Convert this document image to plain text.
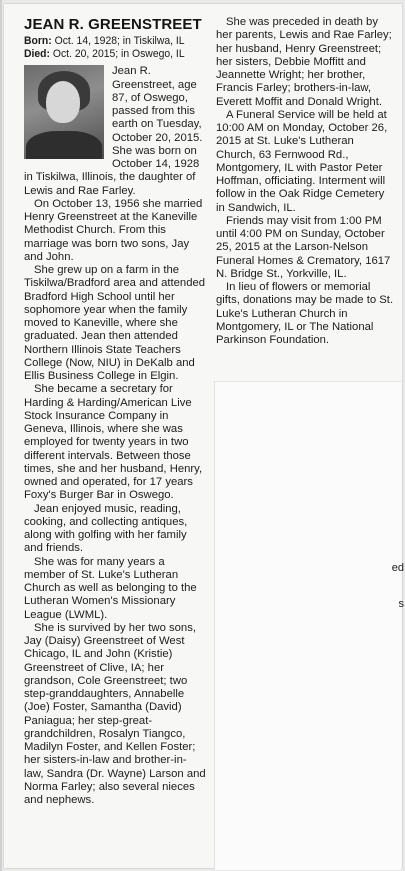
JEAN R. GREENSTREET
Born: Oct. 14, 1928; in Tiskilwa, IL
Died: Oct. 20, 2015; in Oswego, IL

Jean R. Greenstreet, age 87, of Oswego, passed from this earth on Tuesday, October 20, 2015. She was born on October 14, 1928 in Tiskilwa, Illinois, the daughter of Lewis and Rae Farley.

On October 13, 1956 she married Henry Greenstreet at the Kaneville Methodist Church. From this marriage was born two sons, Jay and John.

She grew up on a farm in the Tiskilwa/Bradford area and attended Bradford High School until her sophomore year when the family moved to Kaneville, where she graduated. Jean then attended Northern Illinois State Teachers College (Now, NIU) in DeKalb and Ellis Business College in Elgin.

She became a secretary for Harding & Harding/American Live Stock Insurance Company in Geneva, Illinois, where she was employed for twenty years in two different intervals. Between those times, she and her husband, Henry, owned and operated, for 17 years Foxy's Burger Bar in Oswego.

Jean enjoyed music, reading, cooking, and collecting antiques, along with golfing with her family and friends.

She was for many years a member of St. Luke's Lutheran Church as well as belonging to the Lutheran Women's Missionary League (LWML).

She is survived by her two sons, Jay (Daisy) Greenstreet of West Chicago, IL and John (Kristie) Greenstreet of Clive, IA; her grandson, Cole Greenstreet; two step-granddaughters, Annabelle (Joe) Foster, Samantha (David) Paniagua; her step-great-grandchildren, Rosalyn Tiangco, Madilyn Foster, and Kellen Foster; her sisters-in-law and brother-in-law, Sandra (Dr. Wayne) Larson and Norma Farley; also several nieces and nephews.

She was preceded in death by her parents, Lewis and Rae Farley; her husband, Henry Greenstreet; her sisters, Debbie Moffitt and Jeannette Wright; her brother, Francis Farley; brothers-in-law, Everett Moffit and Donald Wright.

A Funeral Service will be held at 10:00 AM on Monday, October 26, 2015 at St. Luke's Lutheran Church, 63 Fernwood Rd., Montgomery, IL with Pastor Peter Hoffman, officiating. Interment will follow in the Oak Ridge Cemetery in Sandwich, IL.

Friends may visit from 1:00 PM until 4:00 PM on Sunday, October 25, 2015 at the Larson-Nelson Funeral Homes & Crematory, 1617 N. Bridge St., Yorkville, IL.

In lieu of flowers or memorial gifts, donations may be made to St. Luke's Lutheran Church in Montgomery, IL or The National Parkinson Foundation.

ed
s
